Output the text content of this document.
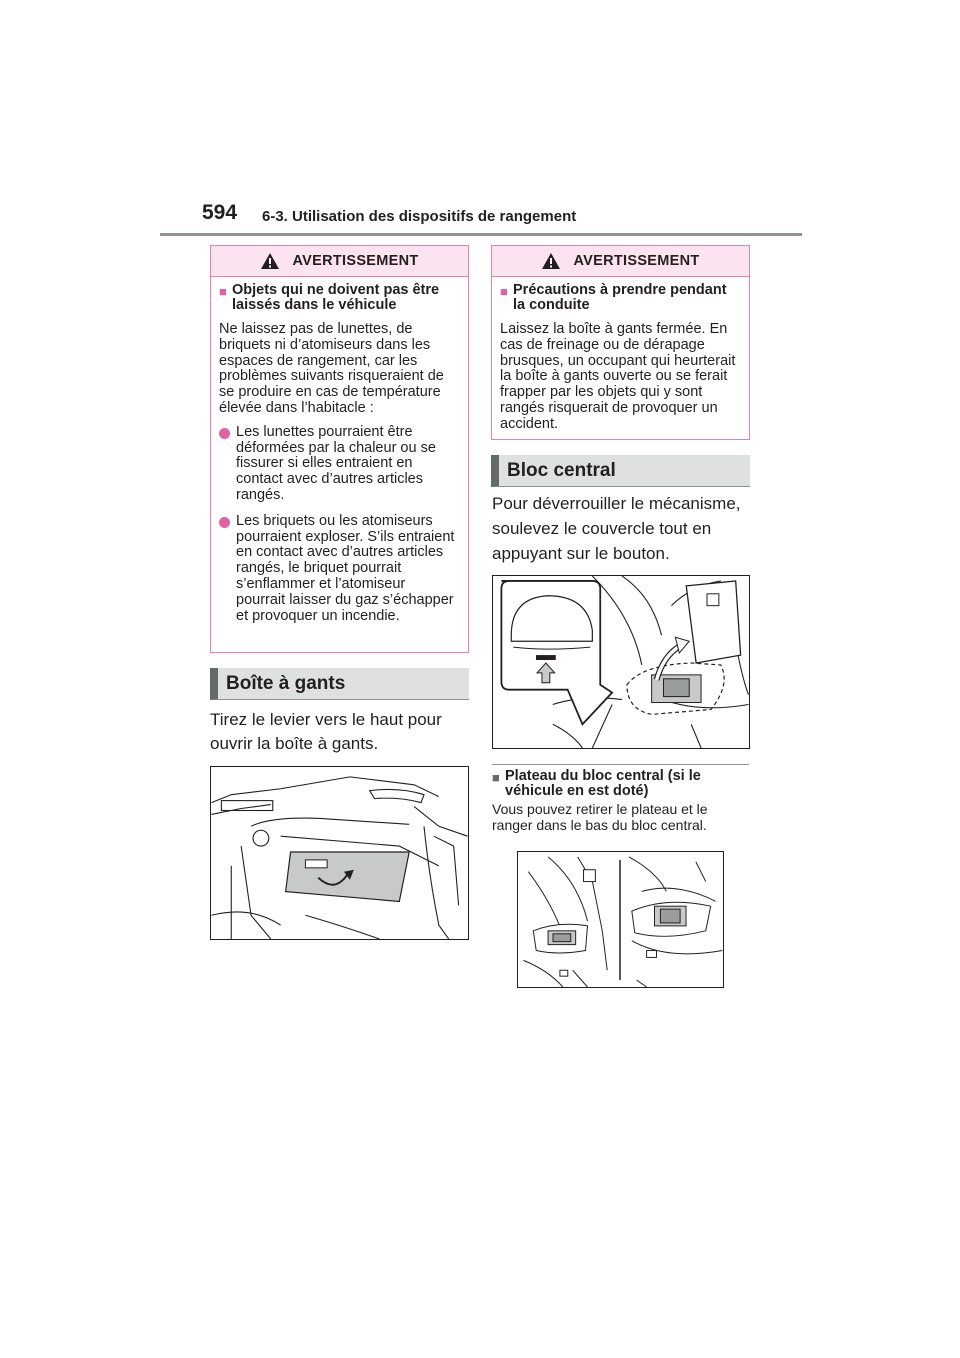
594 6-3. Utilisation des dispositifs de rangement
AVERTISSEMENT
■ Objets qui ne doivent pas être laissés dans le véhicule
Ne laissez pas de lunettes, de briquets ni d’atomiseurs dans les espaces de rangement, car les problèmes suivants risqueraient de se produire en cas de température élevée dans l’habitacle :
Les lunettes pourraient être déformées par la chaleur ou se fissurer si elles entraient en contact avec d’autres articles rangés.
Les briquets ou les atomiseurs pourraient exploser. S’ils entraient en contact avec d’autres articles rangés, le briquet pourrait s’enflammer et l’atomiseur pourrait laisser du gaz s’échapper et provoquer un incendie.
Boîte à gants
Tirez le levier vers le haut pour ouvrir la boîte à gants.
AVERTISSEMENT
■ Précautions à prendre pendant la conduite
Laissez la boîte à gants fermée. En cas de freinage ou de dérapage brusques, un occupant qui heurterait la boîte à gants ouverte ou se ferait frapper par les objets qui y sont rangés risquerait de provoquer un accident.
Bloc central
Pour déverrouiller le mécanisme, soulevez le couvercle tout en appuyant sur le bouton.
■ Plateau du bloc central (si le véhicule en est doté)
Vous pouvez retirer le plateau et le ranger dans le bas du bloc central.
